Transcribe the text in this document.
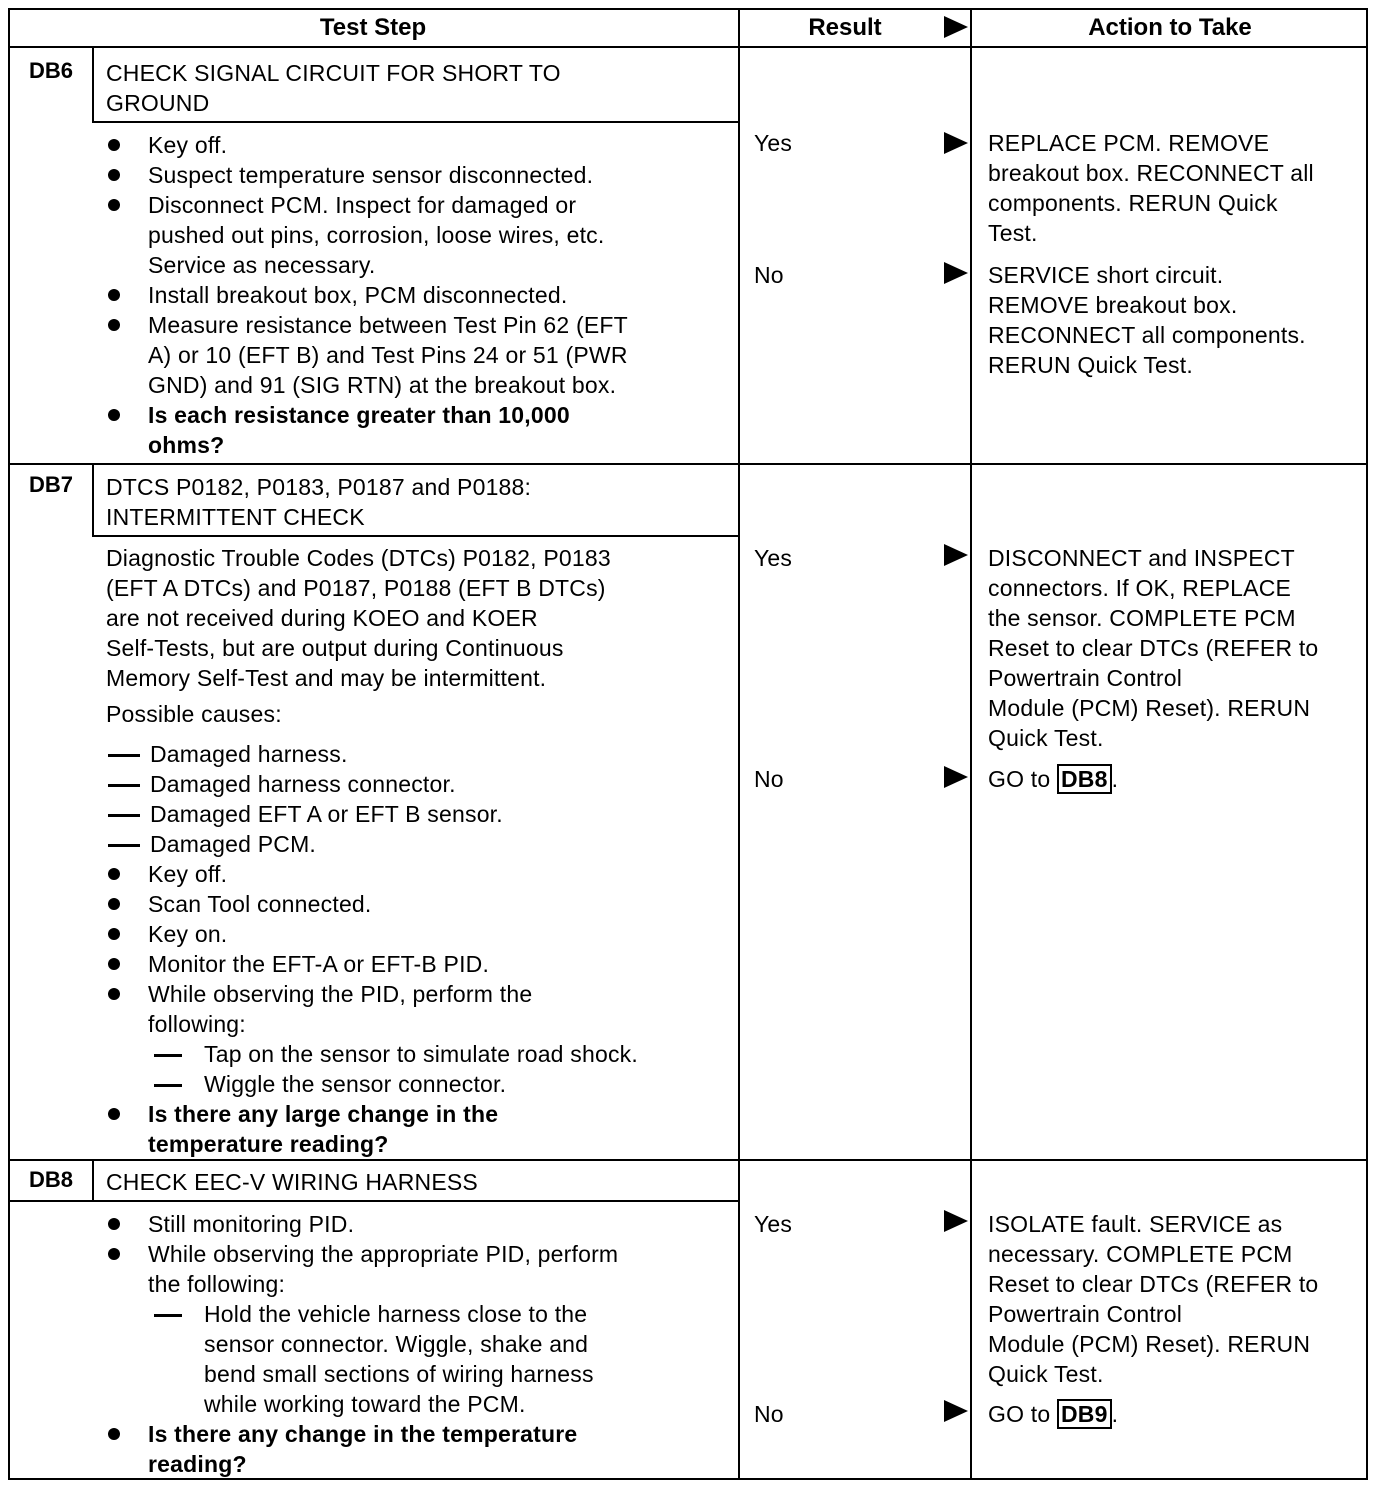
Test Step	Result	Action to Take
DB6	CHECK SIGNAL CIRCUIT FOR SHORT TO
GROUND
Key off.
Suspect temperature sensor disconnected.
Disconnect PCM. Inspect for damaged or
pushed out pins, corrosion, loose wires, etc.
Service as necessary.
Install breakout box, PCM disconnected.
Measure resistance between Test Pin 62 (EFT
A) or 10 (EFT B) and Test Pins 24 or 51 (PWR
GND) and 91 (SIG RTN) at the breakout box.
Is each resistance greater than 10,000
ohms?
Yes	REPLACE PCM. REMOVE
breakout box. RECONNECT all
components. RERUN Quick
Test.
No	SERVICE short circuit.
REMOVE breakout box.
RECONNECT all components.
RERUN Quick Test.
DB7	DTCS P0182, P0183, P0187 and P0188:
INTERMITTENT CHECK
Diagnostic Trouble Codes (DTCs) P0182, P0183
(EFT A DTCs) and P0187, P0188 (EFT B DTCs)
are not received during KOEO and KOER
Self-Tests, but are output during Continuous
Memory Self-Test and may be intermittent.
Possible causes:
Damaged harness.
Damaged harness connector.
Damaged EFT A or EFT B sensor.
Damaged PCM.
Key off.
Scan Tool connected.
Key on.
Monitor the EFT-A or EFT-B PID.
While observing the PID, perform the
following:
Tap on the sensor to simulate road shock.
Wiggle the sensor connector.
Is there any large change in the
temperature reading?
Yes	DISCONNECT and INSPECT
connectors. If OK, REPLACE
the sensor. COMPLETE PCM
Reset to clear DTCs (REFER to
Powertrain Control
Module (PCM) Reset). RERUN
Quick Test.
No	GO to DB8 .
DB8	CHECK EEC-V WIRING HARNESS
Still monitoring PID.
While observing the appropriate PID, perform
the following:
Hold the vehicle harness close to the
sensor connector. Wiggle, shake and
bend small sections of wiring harness
while working toward the PCM.
Is there any change in the temperature
reading?
Yes	ISOLATE fault. SERVICE as
necessary. COMPLETE PCM
Reset to clear DTCs (REFER to
Powertrain Control
Module (PCM) Reset). RERUN
Quick Test.
No	GO to DB9 .
